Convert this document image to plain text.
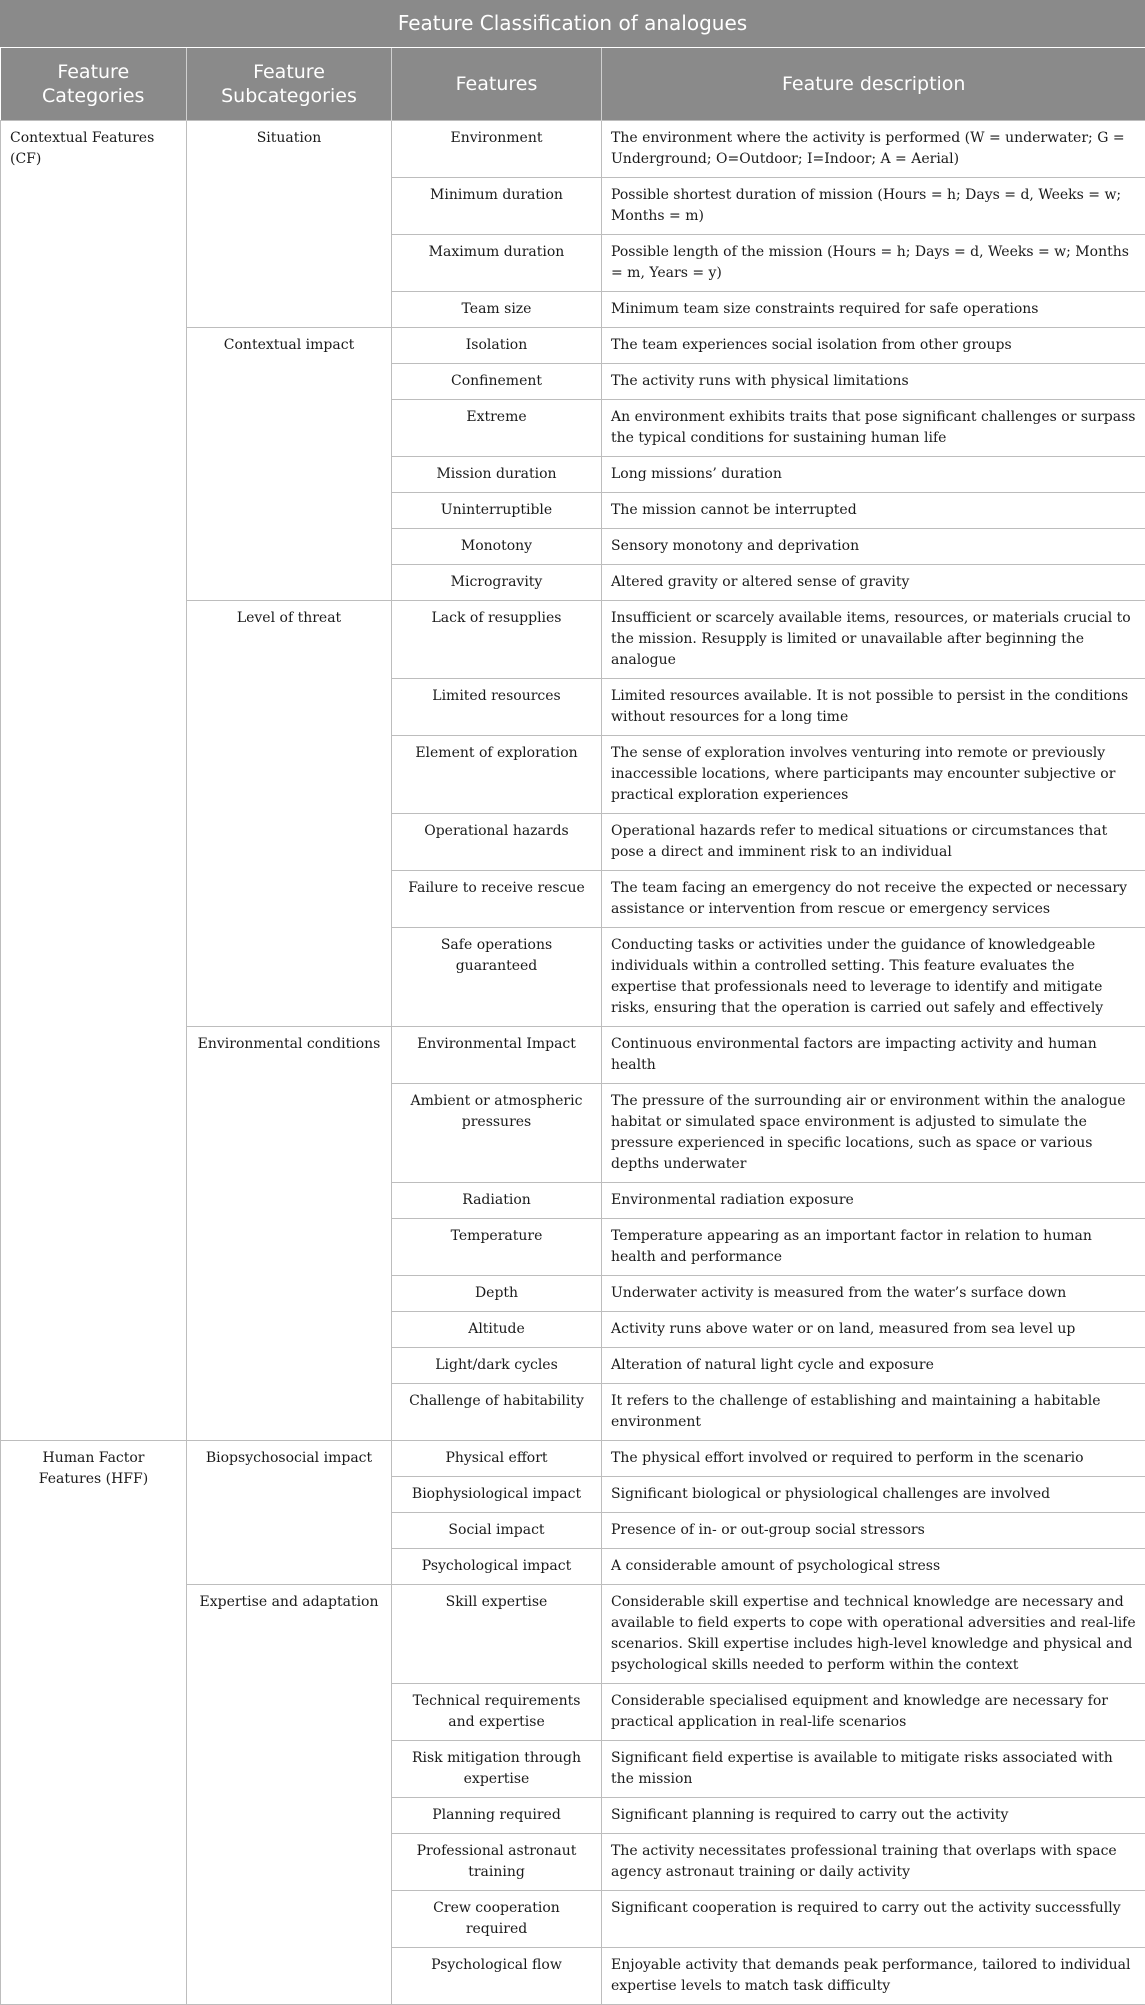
Feature Classification of analogues
Feature Categories	Feature Subcategories	Features	Feature description
Contextual Features (CF)	Situation	Environment	The environment where the activity is performed (W = underwater; G = Underground; O=Outdoor; I=Indoor; A = Aerial)
		Minimum duration	Possible shortest duration of mission (Hours = h; Days = d, Weeks = w; Months = m)
		Maximum duration	Possible length of the mission (Hours = h; Days = d, Weeks = w; Months = m, Years = y)
		Team size	Minimum team size constraints required for safe operations
	Contextual impact	Isolation	The team experiences social isolation from other groups
		Confinement	The activity runs with physical limitations
		Extreme	An environment exhibits traits that pose significant challenges or surpass the typical conditions for sustaining human life
		Mission duration	Long missions’ duration
		Uninterruptible	The mission cannot be interrupted
		Monotony	Sensory monotony and deprivation
		Microgravity	Altered gravity or altered sense of gravity
	Level of threat	Lack of resupplies	Insufficient or scarcely available items, resources, or materials crucial to the mission. Resupply is limited or unavailable after beginning the analogue
		Limited resources	Limited resources available. It is not possible to persist in the conditions without resources for a long time
		Element of exploration	The sense of exploration involves venturing into remote or previously inaccessible locations, where participants may encounter subjective or practical exploration experiences
		Operational hazards	Operational hazards refer to medical situations or circumstances that pose a direct and imminent risk to an individual
		Failure to receive rescue	The team facing an emergency do not receive the expected or necessary assistance or intervention from rescue or emergency services
		Safe operations guaranteed	Conducting tasks or activities under the guidance of knowledgeable individuals within a controlled setting. This feature evaluates the expertise that professionals need to leverage to identify and mitigate risks, ensuring that the operation is carried out safely and effectively
	Environmental conditions	Environmental Impact	Continuous environmental factors are impacting activity and human health
		Ambient or atmospheric pressures	The pressure of the surrounding air or environment within the analogue habitat or simulated space environment is adjusted to simulate the pressure experienced in specific locations, such as space or various depths underwater
		Radiation	Environmental radiation exposure
		Temperature	Temperature appearing as an important factor in relation to human health and performance
		Depth	Underwater activity is measured from the water’s surface down
		Altitude	Activity runs above water or on land, measured from sea level up
		Light/dark cycles	Alteration of natural light cycle and exposure
		Challenge of habitability	It refers to the challenge of establishing and maintaining a habitable environment
Human Factor Features (HFF)	Biopsychosocial impact	Physical effort	The physical effort involved or required to perform in the scenario
		Biophysiological impact	Significant biological or physiological challenges are involved
		Social impact	Presence of in- or out-group social stressors
		Psychological impact	A considerable amount of psychological stress
	Expertise and adaptation	Skill expertise	Considerable skill expertise and technical knowledge are necessary and available to field experts to cope with operational adversities and real-life scenarios. Skill expertise includes high-level knowledge and physical and psychological skills needed to perform within the context
		Technical requirements and expertise	Considerable specialised equipment and knowledge are necessary for practical application in real-life scenarios
		Risk mitigation through expertise	Significant field expertise is available to mitigate risks associated with the mission
		Planning required	Significant planning is required to carry out the activity
		Professional astronaut training	The activity necessitates professional training that overlaps with space agency astronaut training or daily activity
		Crew cooperation required	Significant cooperation is required to carry out the activity successfully
		Psychological flow	Enjoyable activity that demands peak performance, tailored to individual expertise levels to match task difficulty
